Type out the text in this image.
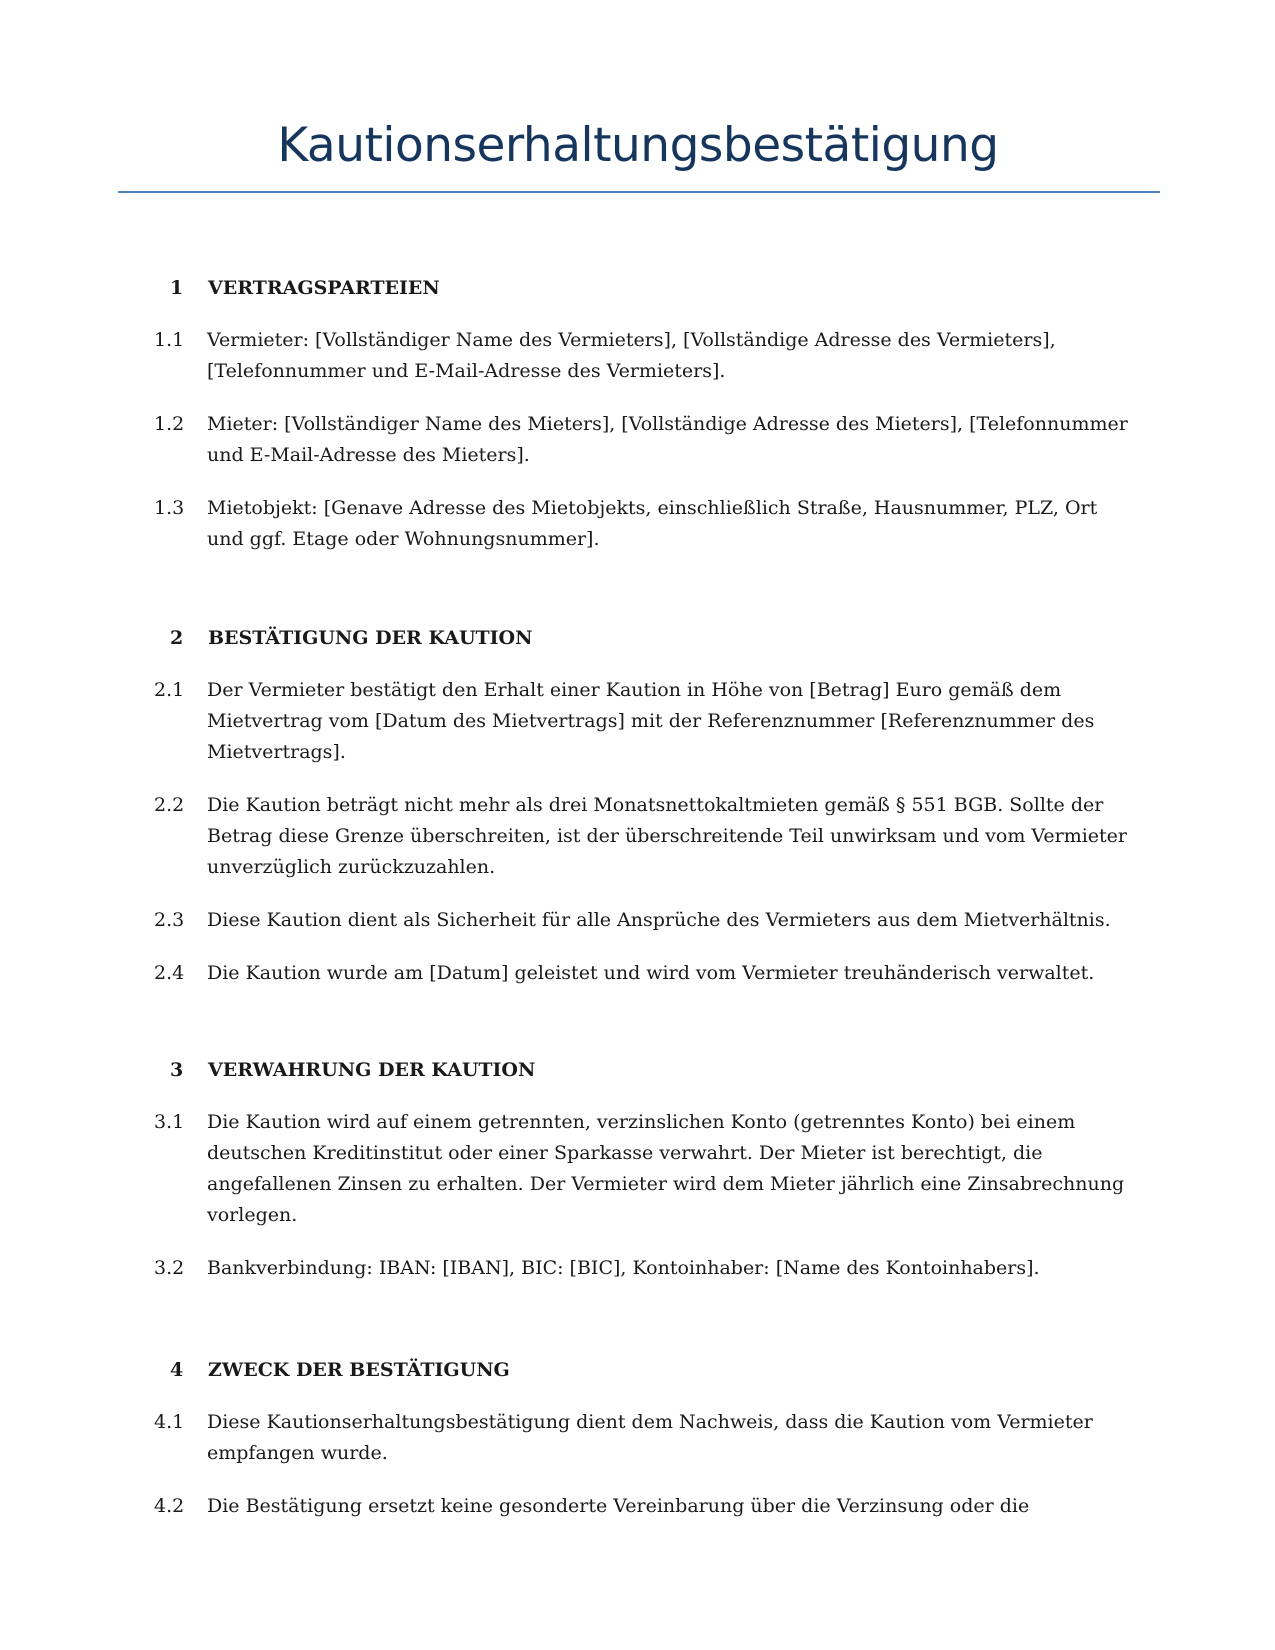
Kautionserhaltungsbestätigung
1 VERTRAGSPARTEIEN
1.1 Vermieter: [Vollständiger Name des Vermieters], [Vollständige Adresse des Vermieters], [Telefonnummer und E-Mail-Adresse des Vermieters].
1.2 Mieter: [Vollständiger Name des Mieters], [Vollständige Adresse des Mieters], [Telefonnummer und E-Mail-Adresse des Mieters].
1.3 Mietobjekt: [Genave Adresse des Mietobjekts, einschließlich Straße, Hausnummer, PLZ, Ort und ggf. Etage oder Wohnungsnummer].
2 BESTÄTIGUNG DER KAUTION
2.1 Der Vermieter bestätigt den Erhalt einer Kaution in Höhe von [Betrag] Euro gemäß dem Mietvertrag vom [Datum des Mietvertrags] mit der Referenznummer [Referenznummer des Mietvertrags].
2.2 Die Kaution beträgt nicht mehr als drei Monatsnettokaltmieten gemäß § 551 BGB. Sollte der Betrag diese Grenze überschreiten, ist der überschreitende Teil unwirksam und vom Vermieter unverzüglich zurückzuzahlen.
2.3 Diese Kaution dient als Sicherheit für alle Ansprüche des Vermieters aus dem Mietverhältnis.
2.4 Die Kaution wurde am [Datum] geleistet und wird vom Vermieter treuhänderisch verwaltet.
3 VERWAHRUNG DER KAUTION
3.1 Die Kaution wird auf einem getrennten, verzinslichen Konto (getrenntes Konto) bei einem deutschen Kreditinstitut oder einer Sparkasse verwahrt. Der Mieter ist berechtigt, die angefallenen Zinsen zu erhalten. Der Vermieter wird dem Mieter jährlich eine Zinsabrechnung vorlegen.
3.2 Bankverbindung: IBAN: [IBAN], BIC: [BIC], Kontoinhaber: [Name des Kontoinhabers].
4 ZWECK DER BESTÄTIGUNG
4.1 Diese Kautionserhaltungsbestätigung dient dem Nachweis, dass die Kaution vom Vermieter empfangen wurde.
4.2 Die Bestätigung ersetzt keine gesonderte Vereinbarung über die Verzinsung oder die
